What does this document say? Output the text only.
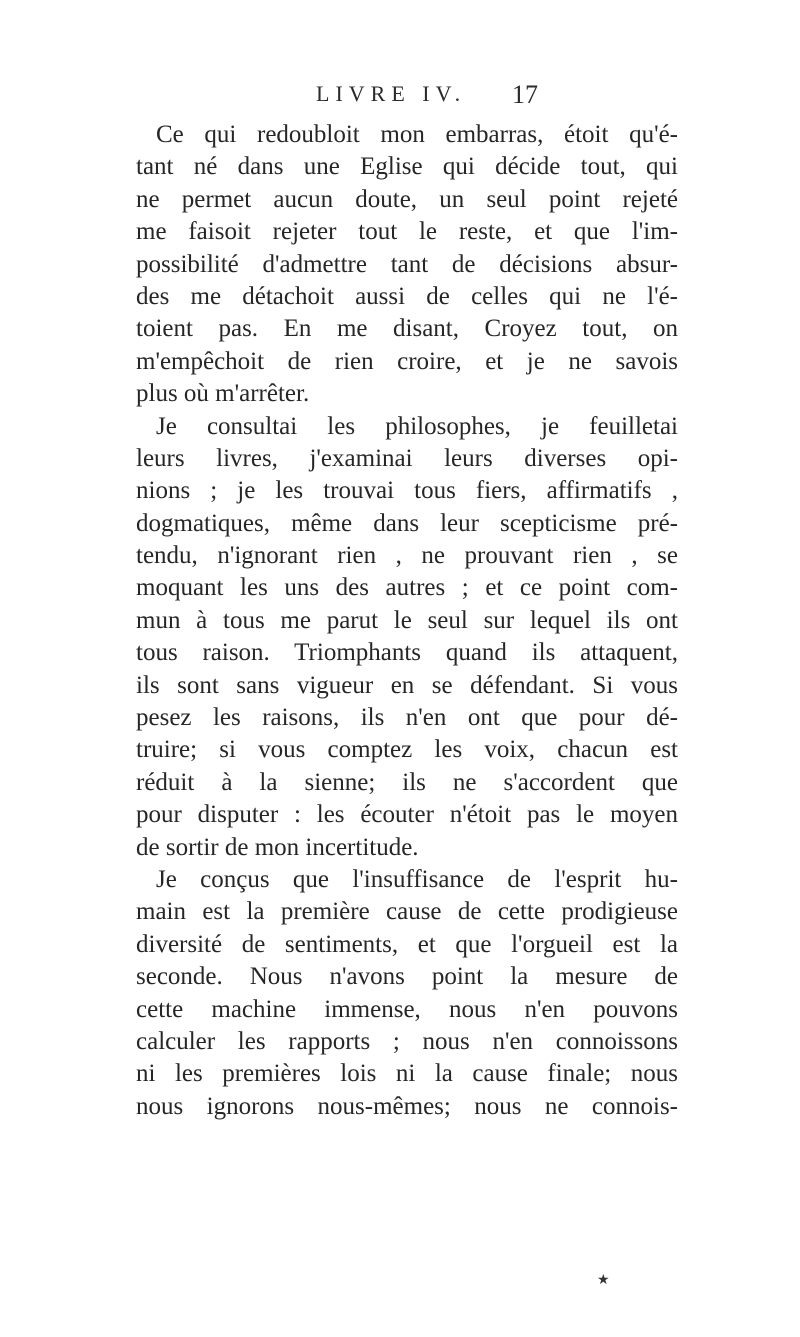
LIVRE IV. 17
Ce qui redoubloit mon embarras, étoit qu'é-
tant né dans une Eglise qui décide tout, qui
ne permet aucun doute, un seul point rejeté
me faisoit rejeter tout le reste, et que l'im-
possibilité d'admettre tant de décisions absur-
des me détachoit aussi de celles qui ne l'é-
toient pas. En me disant, Croyez tout, on
m'empêchoit de rien croire, et je ne savois
plus où m'arrêter.
Je consultai les philosophes, je feuilletai
leurs livres, j'examinai leurs diverses opi-
nions ; je les trouvai tous fiers, affirmatifs ,
dogmatiques, même dans leur scepticisme pré-
tendu, n'ignorant rien , ne prouvant rien , se
moquant les uns des autres ; et ce point com-
mun à tous me parut le seul sur lequel ils ont
tous raison. Triomphants quand ils attaquent,
ils sont sans vigueur en se défendant. Si vous
pesez les raisons, ils n'en ont que pour dé-
truire; si vous comptez les voix, chacun est
réduit à la sienne; ils ne s'accordent que
pour disputer : les écouter n'étoit pas le moyen
de sortir de mon incertitude.
Je conçus que l'insuffisance de l'esprit hu-
main est la première cause de cette prodigieuse
diversité de sentiments, et que l'orgueil est la
seconde. Nous n'avons point la mesure de
cette machine immense, nous n'en pouvons
calculer les rapports ; nous n'en connoissons
ni les premières lois ni la cause finale; nous
nous ignorons nous-mêmes; nous ne connois-
★
